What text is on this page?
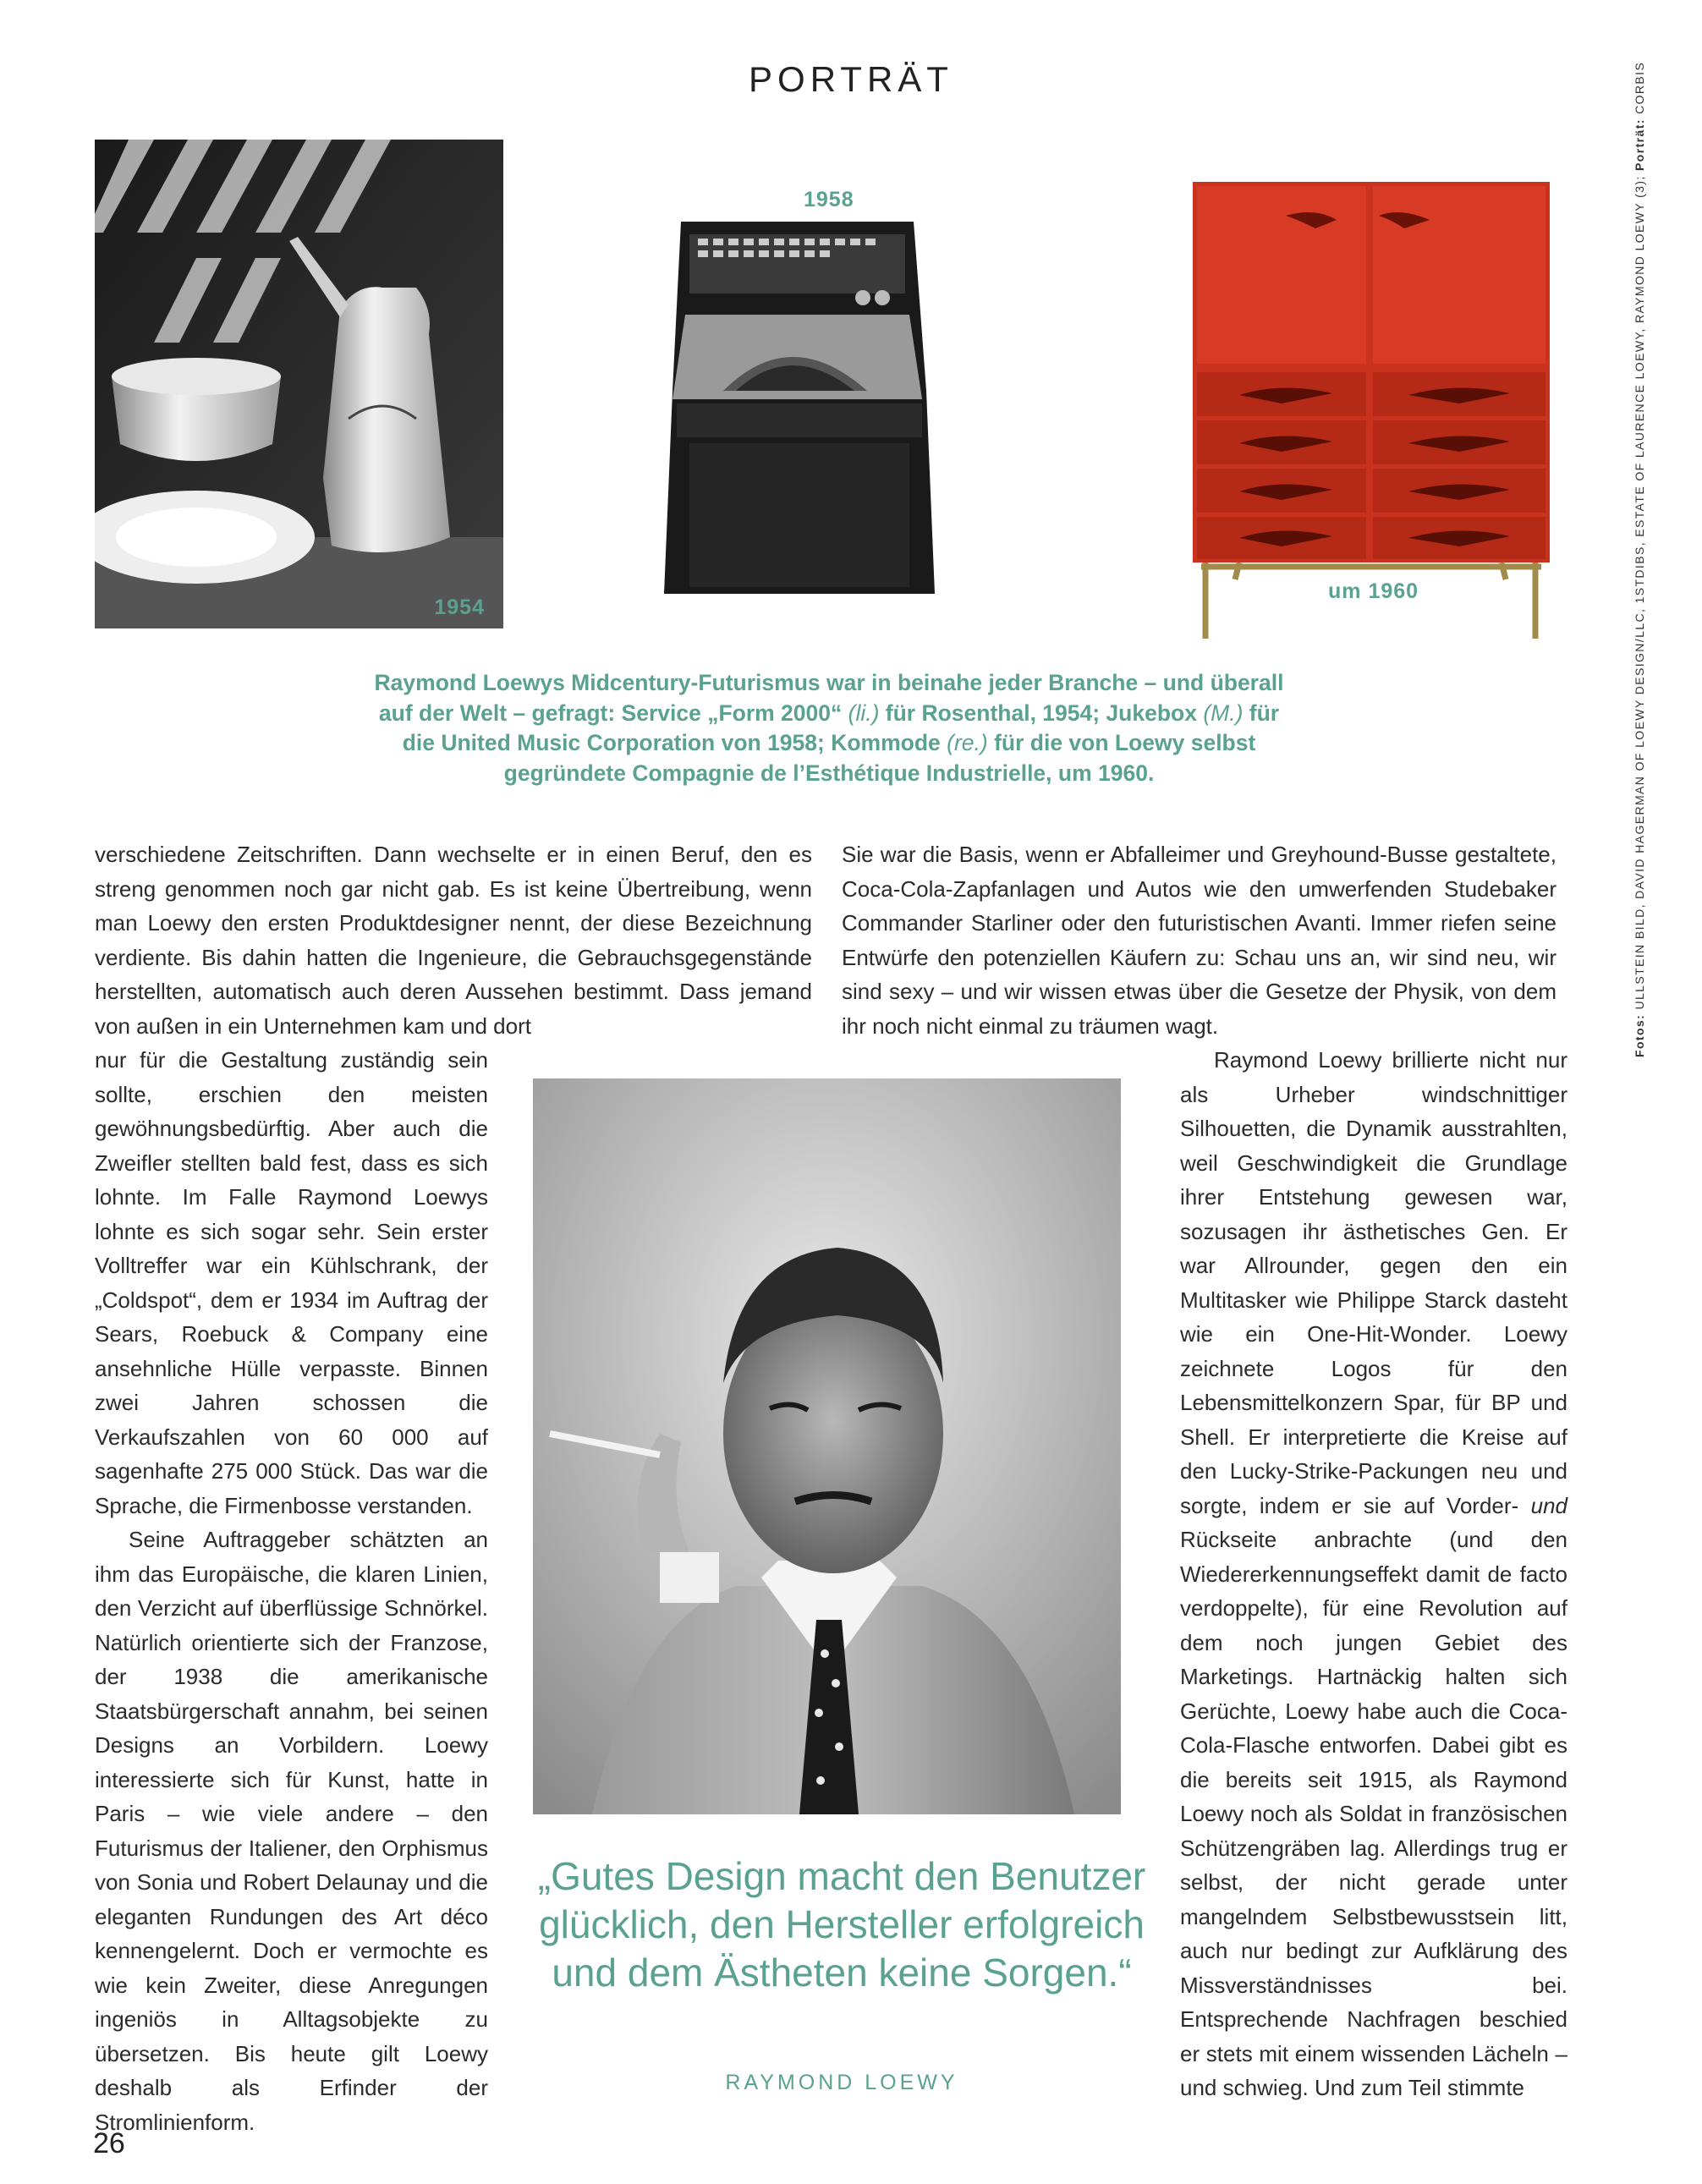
PORTRÄT
1954
1958
um 1960
Raymond Loewys Midcentury-Futurismus war in beinahe jeder Branche – und überall auf der Welt – gefragt: Service „Form 2000“ (li.) für Rosenthal, 1954; Jukebox (M.) für die United Music Corporation von 1958; Kommode (re.) für die von Loewy selbst gegründete Compagnie de l’Esthétique Industrielle, um 1960.

verschiedene Zeitschriften. Dann wechselte er in einen Beruf, den es streng genommen noch gar nicht gab. Es ist keine Übertreibung, wenn man Loewy den ersten Produktdesigner nennt, der diese Bezeichnung verdiente. Bis dahin hatten die Ingenieure, die Gebrauchsgegenstände herstellten, automatisch auch deren Aussehen bestimmt. Dass jemand von außen in ein Unternehmen kam und dort

nur für die Gestaltung zuständig sein sollte, erschien den meisten gewöhnungsbedürftig. Aber auch die Zweifler stellten bald fest, dass es sich lohnte. Im Falle Raymond Loewys lohnte es sich sogar sehr. Sein erster Volltreffer war ein Kühlschrank, der „Coldspot“, dem er 1934 im Auftrag der Sears, Roebuck & Company eine ansehnliche Hülle verpasste. Binnen zwei Jahren schossen die Verkaufszahlen von 60 000 auf sagenhafte 275 000 Stück. Das war die Sprache, die Firmenbosse verstanden.

Seine Auftraggeber schätzten an ihm das Europäische, die klaren Linien, den Verzicht auf überflüssige Schnörkel. Natürlich orientierte sich der Franzose, der 1938 die amerikanische Staatsbürgerschaft annahm, bei seinen Designs an Vorbildern. Loewy interessierte sich für Kunst, hatte in Paris – wie viele andere – den Futurismus der Italiener, den Orphismus von Sonia und Robert Delaunay und die eleganten Rundungen des Art déco kennengelernt. Doch er vermochte es wie kein Zweiter, diese Anregungen ingeniös in Alltagsobjekte zu übersetzen. Bis heute gilt Loewy deshalb als Erfinder der Stromlinienform.

Sie war die Basis, wenn er Abfalleimer und Greyhound-Busse gestaltete, Coca-Cola-Zapfanlagen und Autos wie den umwerfenden Studebaker Commander Starliner oder den futuristischen Avanti. Immer riefen seine Entwürfe den potenziellen Käufern zu: Schau uns an, wir sind neu, wir sind sexy – und wir wissen etwas über die Gesetze der Physik, von dem ihr noch nicht einmal zu träumen wagt.

Raymond Loewy brillierte nicht nur als Urheber windschnittiger Silhouetten, die Dynamik ausstrahlten, weil Geschwindigkeit die Grundlage ihrer Entstehung gewesen war, sozusagen ihr ästhetisches Gen. Er war Allrounder, gegen den ein Multitasker wie Philippe Starck dasteht wie ein One-Hit-Wonder. Loewy zeichnete Logos für den Lebensmittelkonzern Spar, für BP und Shell. Er interpretierte die Kreise auf den Lucky-Strike-Packungen neu und sorgte, indem er sie auf Vorder- und Rückseite anbrachte (und den Wiedererkennungseffekt damit de facto verdoppelte), für eine Revolution auf dem noch jungen Gebiet des Marketings. Hartnäckig halten sich Gerüchte, Loewy habe auch die Coca-Cola-Flasche entworfen. Dabei gibt es die bereits seit 1915, als Raymond Loewy noch als Soldat in französischen Schützengräben lag. Allerdings trug er selbst, der nicht gerade unter mangelndem Selbstbewusstsein litt, auch nur bedingt zur Aufklärung des Missverständnisses bei. Entsprechende Nachfragen beschied er stets mit einem wissenden Lächeln – und schwieg. Und zum Teil stimmte

„Gutes Design macht den Benutzer glücklich, den Hersteller erfolgreich und dem Ästheten keine Sorgen.“
RAYMOND LOEWY
Fotos: ULLSTEIN BILD, DAVID HAGERMAN OF LOEWY DESIGN/LLC, 1STDIBS, ESTATE OF LAURENCE LOEWY, RAYMOND LOEWY (3); Porträt: CORBIS
26
